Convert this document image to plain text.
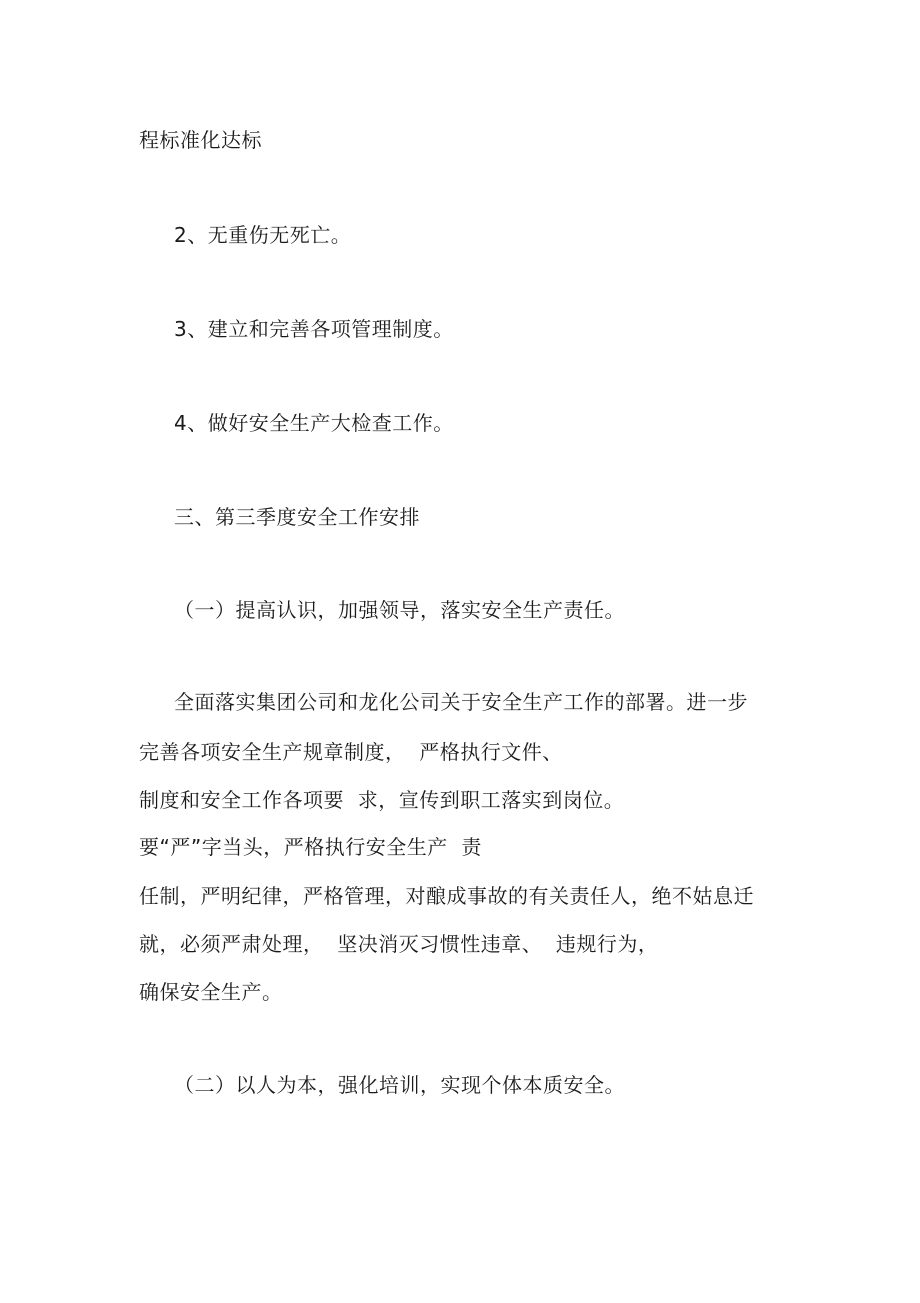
程标准化达标
2、无重伤无死亡。
3、建立和完善各项管理制度。
4、做好安全生产大检查工作。
三、第三季度安全工作安排
（一）提高认识，加强领导，落实安全生产责任。
全面落实集团公司和龙化公司关于安全生产工作的部署。进一步
完善各项安全生产规章制度，  严格执行文件、
制度和安全工作各项要  求，宣传到职工落实到岗位。
要“严”字当头，严格执行安全生产  责
任制，严明纪律，严格管理，对酿成事故的有关责任人，绝不姑息迁
就，必须严肃处理，  坚决消灭习惯性违章、  违规行为，
确保安全生产。
（二）以人为本，强化培训，实现个体本质安全。
